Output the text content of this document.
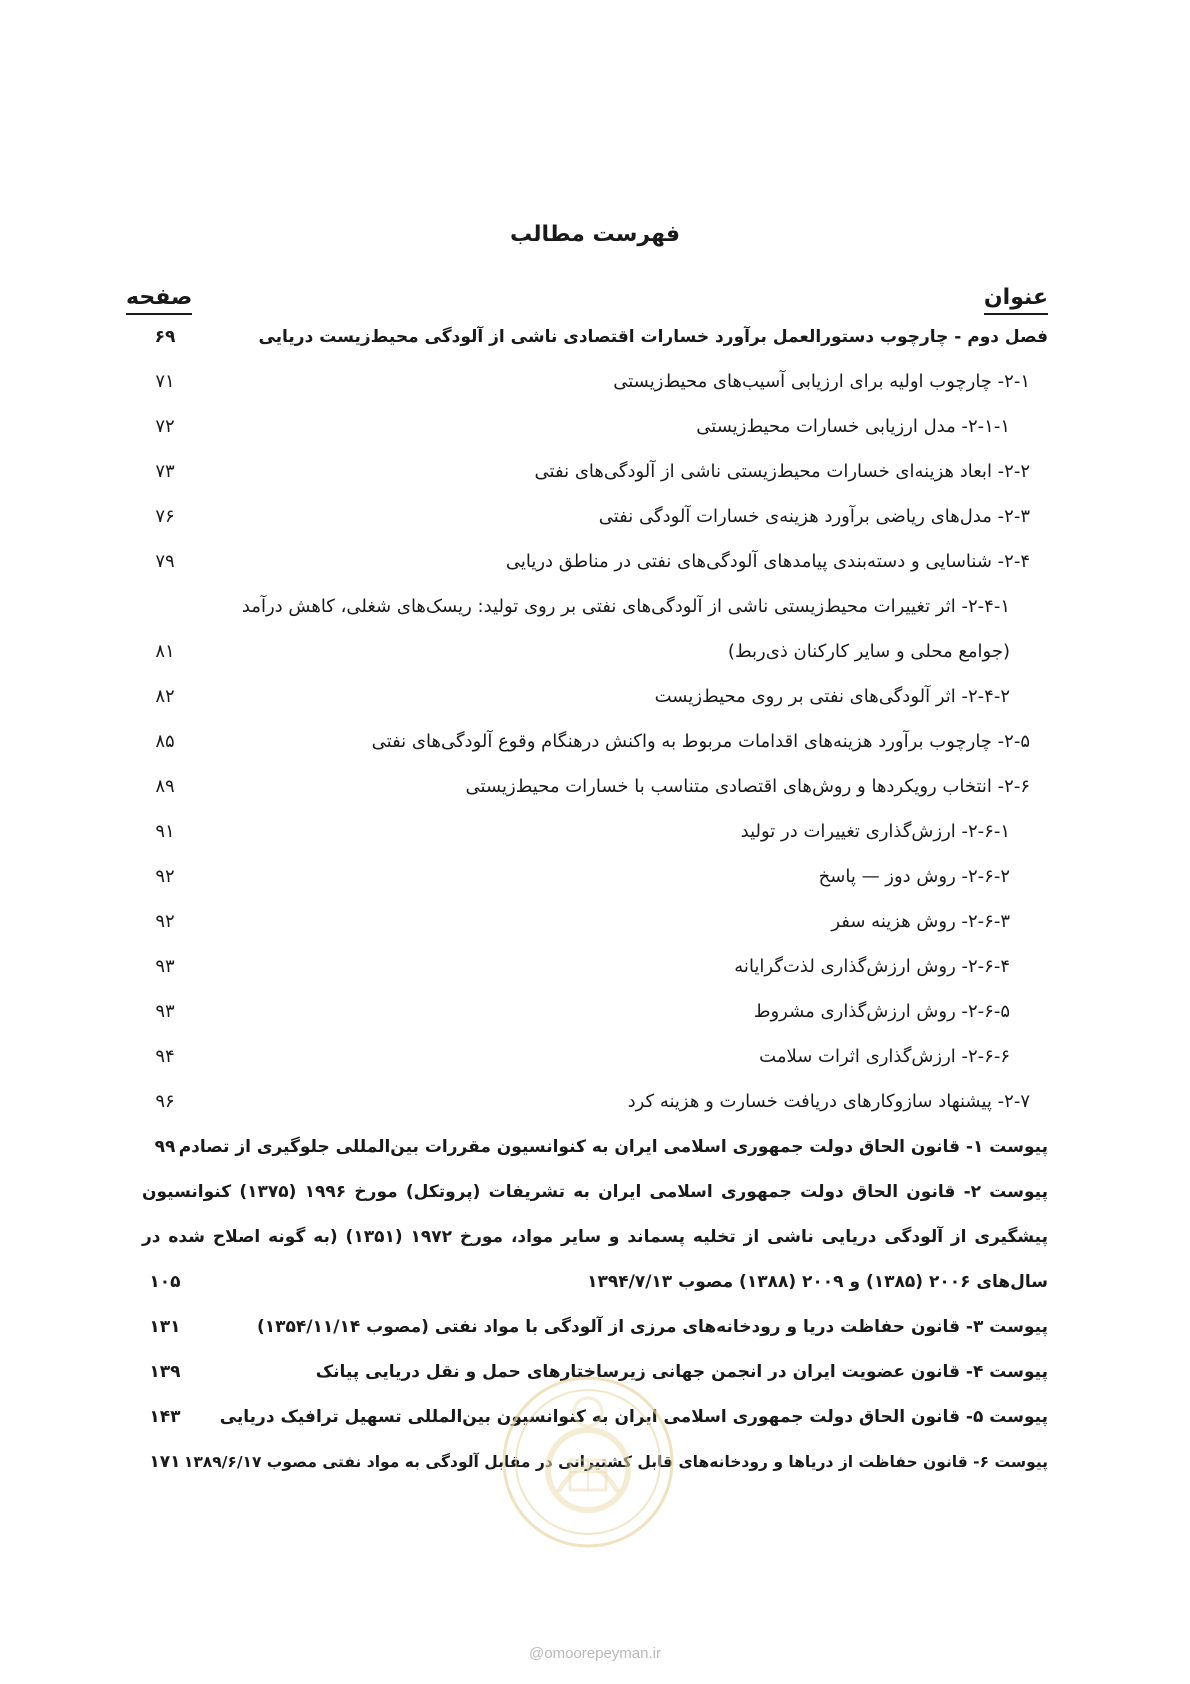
فهرست مطالب
عنوان
صفحه
فصل دوم - چارچوب دستورالعمل برآورد خسارات اقتصادی ناشی از آلودگی محیط‌زیست دریایی
۶۹
۲-۱- چارچوب اولیه برای ارزیابی آسیب‌های محیط‌زیستی
۷۱
۲-۱-۱- مدل ارزیابی خسارات محیط‌زیستی
۷۲
۲-۲- ابعاد هزینه‌ای خسارات محیط‌زیستی ناشی از آلودگی‌های نفتی
۷۳
۲-۳- مدل‌های ریاضی برآورد هزینه‌ی خسارات آلودگی نفتی
۷۶
۲-۴- شناسایی و دسته‌بندی پیامدهای آلودگی‌های نفتی در مناطق دریایی
۷۹
۲-۴-۱- اثر تغییرات محیط‌زیستی ناشی از آلودگی‌های نفتی بر روی تولید: ریسک‌های شغلی، کاهش درآمد
(جوامع محلی و سایر کارکنان ذی‌ربط)
۸۱
۲-۴-۲- اثر آلودگی‌های نفتی بر روی محیط‌زیست
۸۲
۲-۵- چارچوب برآورد هزینه‌های اقدامات مربوط به واکنش درهنگام وقوع آلودگی‌های نفتی
۸۵
۲-۶- انتخاب رویکردها و روش‌های اقتصادی متناسب با خسارات محیط‌زیستی
۸۹
۲-۶-۱- ارزش‌گذاری تغییرات در تولید
۹۱
۲-۶-۲- روش دوز — پاسخ
۹۲
۲-۶-۳- روش هزینه سفر
۹۲
۲-۶-۴- روش ارزش‌گذاری لذت‌گرایانه
۹۳
۲-۶-۵- روش ارزش‌گذاری مشروط
۹۳
۲-۶-۶- ارزش‌گذاری اثرات سلامت
۹۴
۲-۷- پیشنهاد سازوکارهای دریافت خسارت و هزینه کرد
۹۶
پیوست ۱- قانون الحاق دولت جمهوری اسلامی ایران به کنوانسیون مقررات بین‌المللی جلوگیری از تصادم
۹۹
پیوست ۲- قانون الحاق دولت جمهوری اسلامی ایران به تشریفات (پروتکل) مورخ ۱۹۹۶ (۱۳۷۵) کنوانسیون
پیشگیری از آلودگی دریایی ناشی از تخلیه پسماند و سایر مواد، مورخ ۱۹۷۲ (۱۳۵۱) (به گونه اصلاح شده در
سال‌های ۲۰۰۶ (۱۳۸۵) و ۲۰۰۹ (۱۳۸۸) مصوب ۱۳۹۴/۷/۱۳
۱۰۵
پیوست ۳- قانون حفاظت دریا و رودخانه‌های مرزی از آلودگی با مواد نفتی (مصوب ۱۳۵۴/۱۱/۱۴)
۱۳۱
پیوست ۴- قانون عضویت ایران در انجمن جهانی زیرساختارهای حمل و نقل دریایی پیانک
۱۳۹
پیوست ۵- قانون الحاق دولت جمهوری اسلامی ایران به کنوانسیون بین‌المللی تسهیل ترافیک دریایی
۱۴۳
پیوست ۶- قانون حفاظت از دریاها و رودخانه‌های قابل کشتیرانی در مقابل آلودگی به مواد نفتی مصوب ۱۳۸۹/۶/۱۷
۱۷۱
@omoorepeyman.ir
